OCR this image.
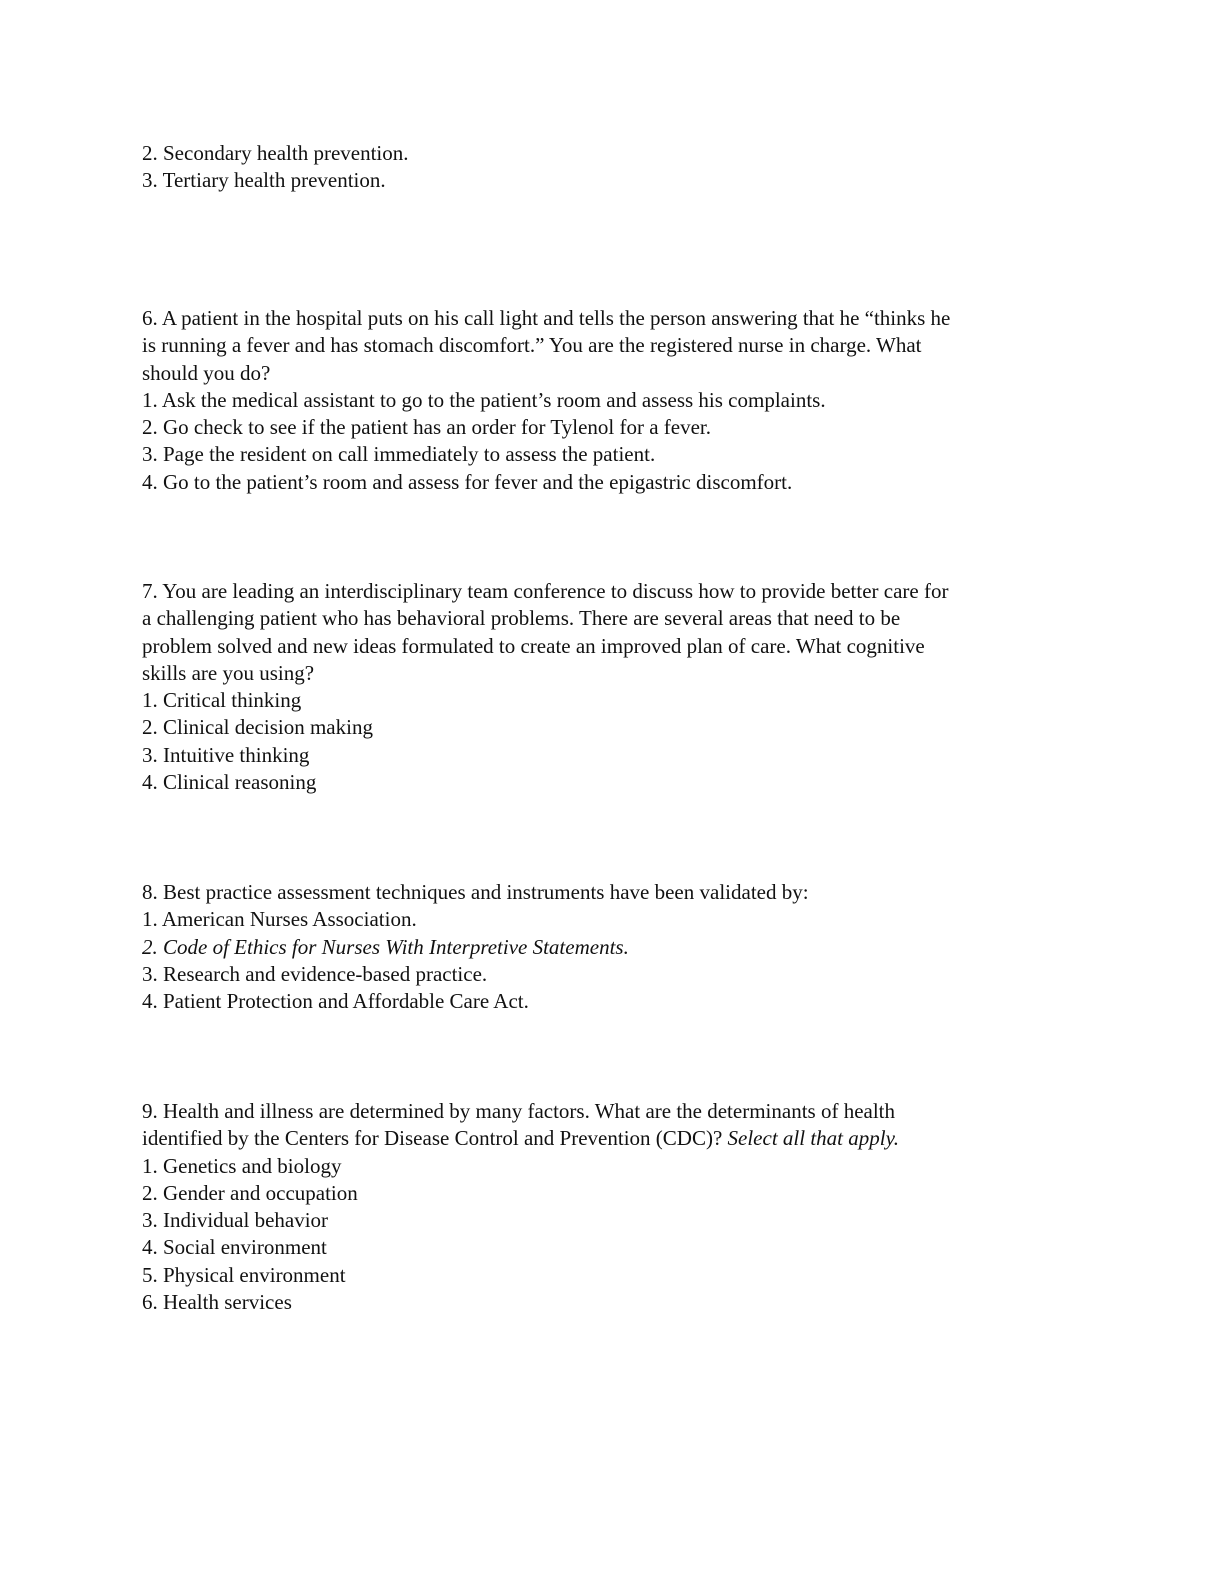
2. Secondary health prevention.
3. Tertiary health prevention.
6. A patient in the hospital puts on his call light and tells the person answering that he “thinks he
is running a fever and has stomach discomfort.” You are the registered nurse in charge. What
should you do?
1. Ask the medical assistant to go to the patient’s room and assess his complaints.
2. Go check to see if the patient has an order for Tylenol for a fever.
3. Page the resident on call immediately to assess the patient.
4. Go to the patient’s room and assess for fever and the epigastric discomfort.
7. You are leading an interdisciplinary team conference to discuss how to provide better care for
a challenging patient who has behavioral problems. There are several areas that need to be
problem solved and new ideas formulated to create an improved plan of care. What cognitive
skills are you using?
1. Critical thinking
2. Clinical decision making
3. Intuitive thinking
4. Clinical reasoning
8. Best practice assessment techniques and instruments have been validated by:
1. American Nurses Association.
2. Code of Ethics for Nurses With Interpretive Statements.
3. Research and evidence-based practice.
4. Patient Protection and Affordable Care Act.
9. Health and illness are determined by many factors. What are the determinants of health
identified by the Centers for Disease Control and Prevention (CDC)? Select all that apply.
1. Genetics and biology
2. Gender and occupation
3. Individual behavior
4. Social environment
5. Physical environment
6. Health services
